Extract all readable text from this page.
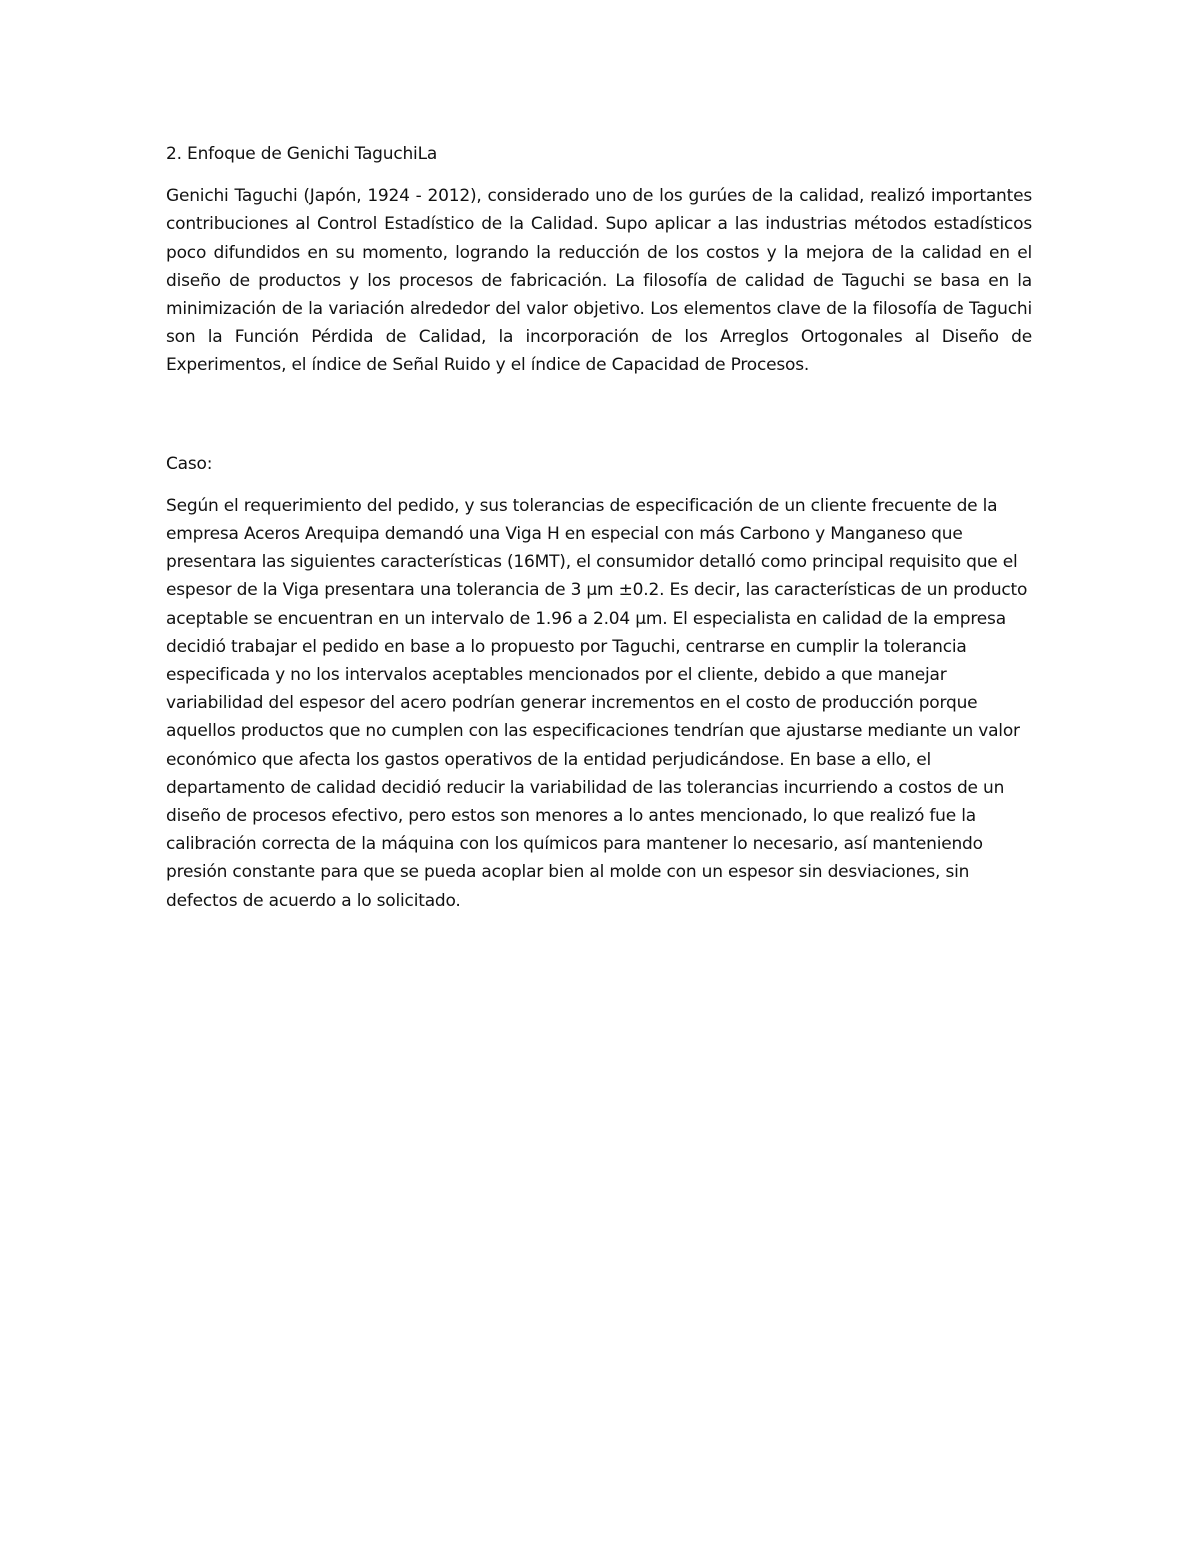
2. Enfoque de Genichi TaguchiLa

Genichi Taguchi (Japón, 1924 - 2012), considerado uno de los gurúes de la calidad, realizó importantes contribuciones al Control Estadístico de la Calidad. Supo aplicar a las industrias métodos estadísticos poco difundidos en su momento, logrando la reducción de los costos y la mejora de la calidad en el diseño de productos y los procesos de fabricación. La filosofía de calidad de Taguchi se basa en la minimización de la variación alrededor del valor objetivo. Los elementos clave de la filosofía de Taguchi son la Función Pérdida de Calidad, la incorporación de los Arreglos Ortogonales al Diseño de Experimentos, el índice de Señal Ruido y el índice de Capacidad de Procesos.

Caso:

Según el requerimiento del pedido, y sus tolerancias de especificación de un cliente frecuente de la empresa Aceros Arequipa demandó una Viga H en especial con más Carbono y Manganeso que presentara las siguientes características (16MT), el consumidor detalló como principal requisito que el espesor de la Viga presentara una tolerancia de 3 µm ±0.2. Es decir, las características de un producto aceptable se encuentran en un intervalo de 1.96 a 2.04 µm. El especialista en calidad de la empresa decidió trabajar el pedido en base a lo propuesto por Taguchi, centrarse en cumplir la tolerancia especificada y no los intervalos aceptables mencionados por el cliente, debido a que manejar variabilidad del espesor del acero podrían generar incrementos en el costo de producción porque aquellos productos que no cumplen con las especificaciones tendrían que ajustarse mediante un valor económico que afecta los gastos operativos de la entidad perjudicándose. En base a ello, el departamento de calidad decidió reducir la variabilidad de las tolerancias incurriendo a costos de un diseño de procesos efectivo, pero estos son menores a lo antes mencionado, lo que realizó fue la calibración correcta de la máquina con los químicos para mantener lo necesario, así manteniendo presión constante para que se pueda acoplar bien al molde con un espesor sin desviaciones, sin defectos de acuerdo a lo solicitado.
